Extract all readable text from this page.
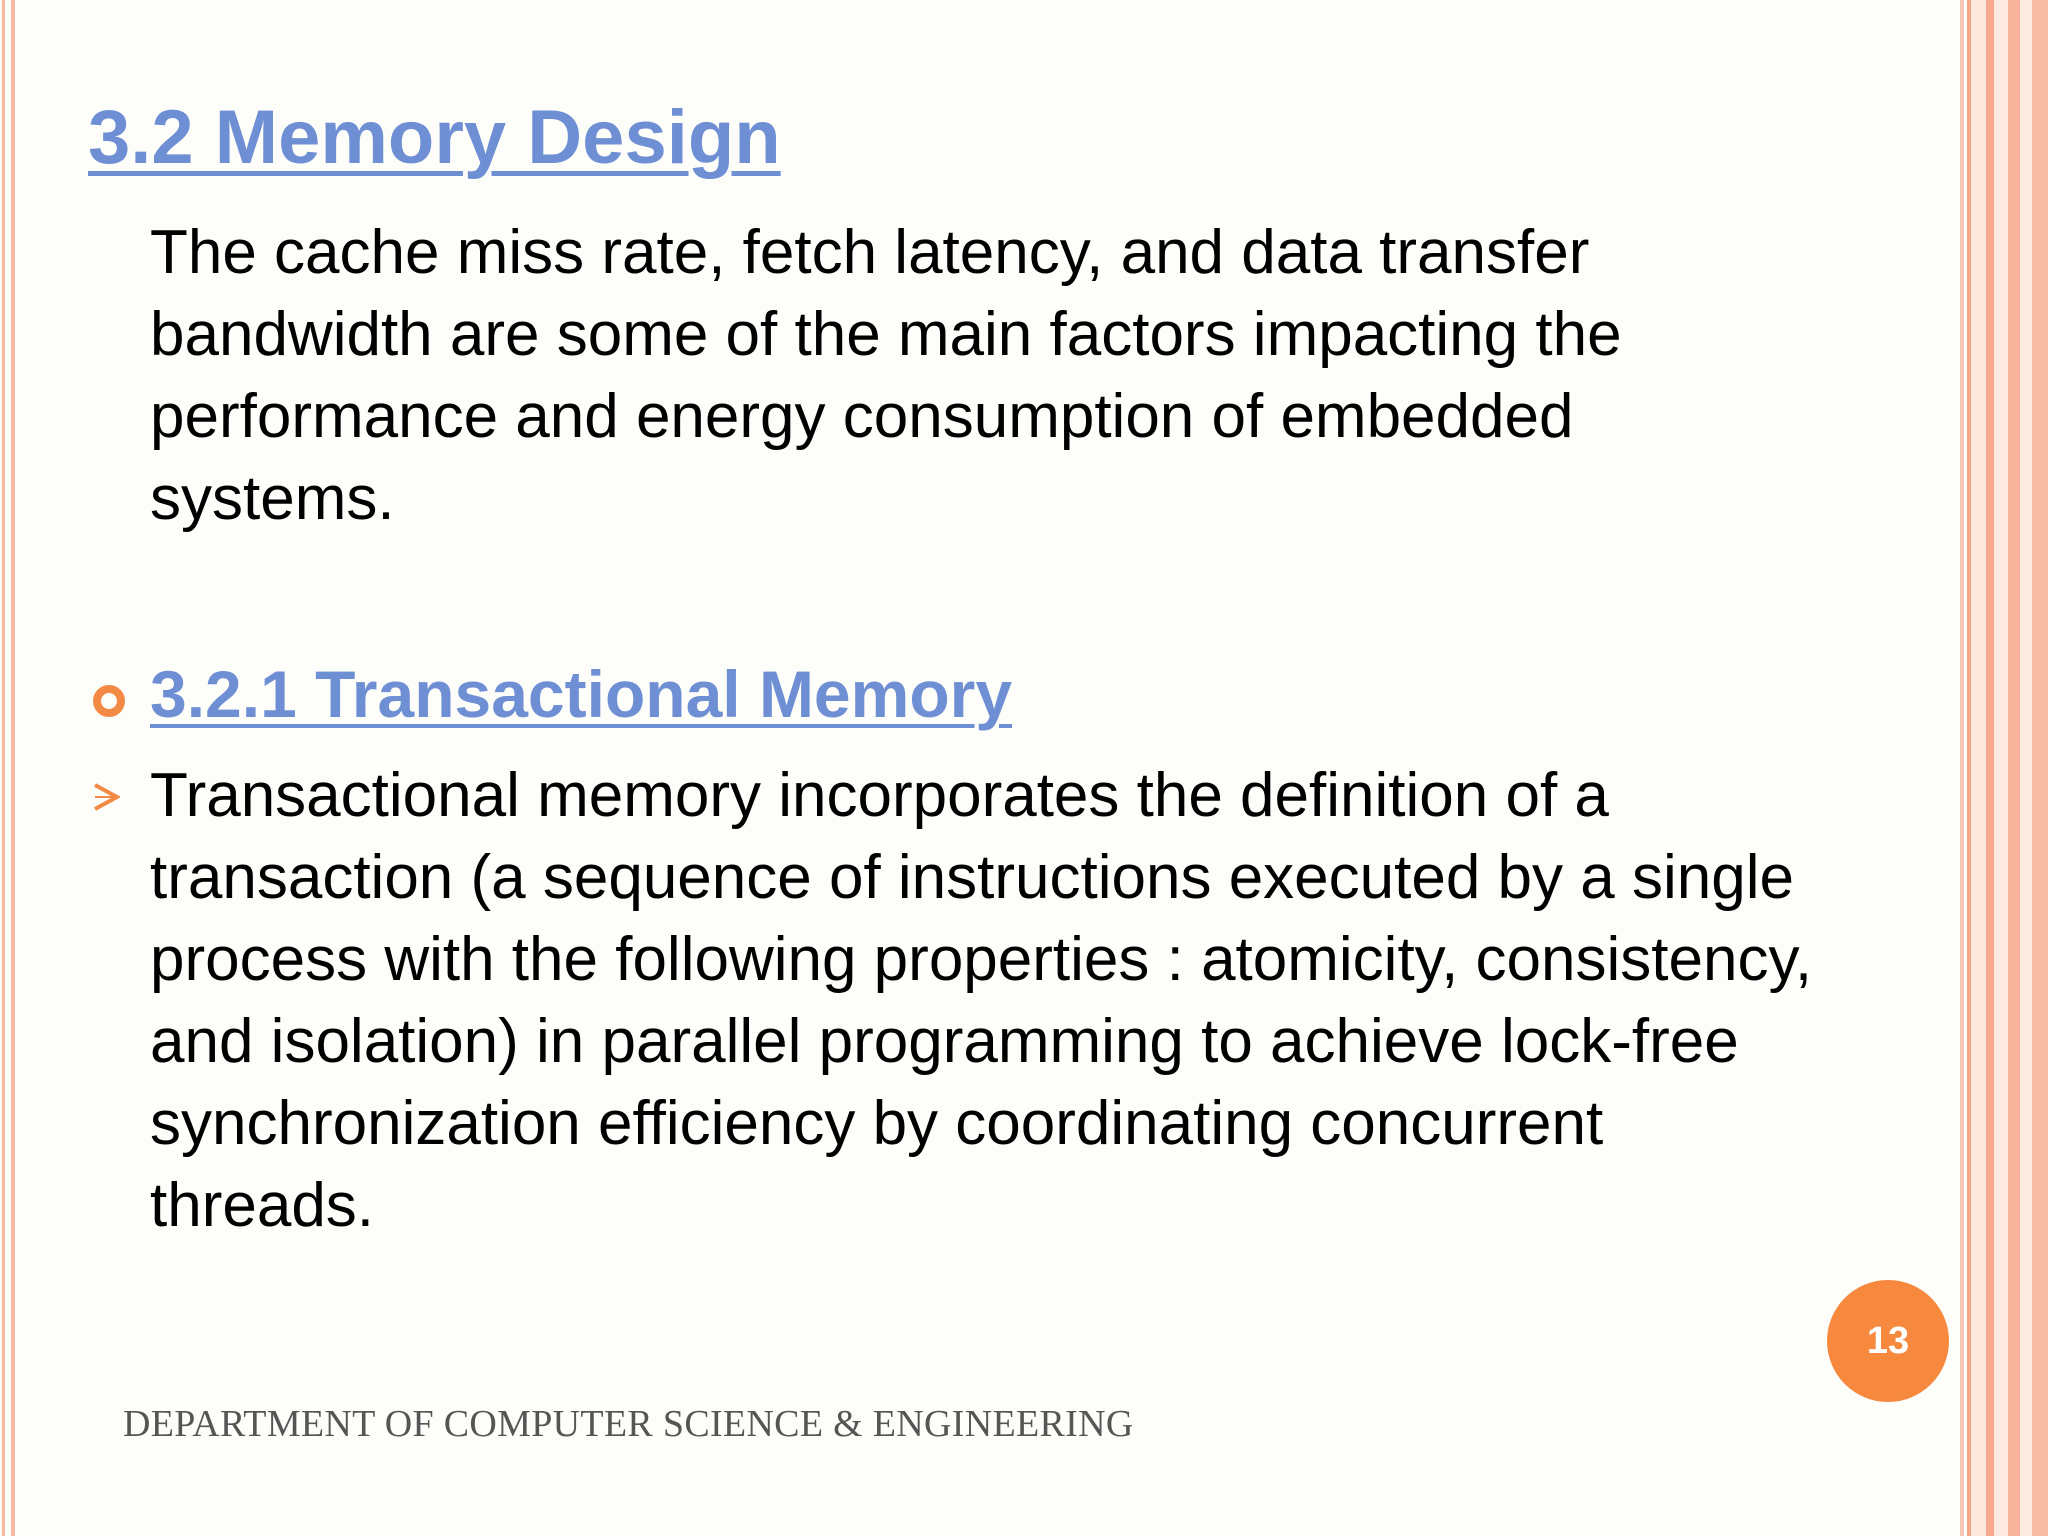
3.2 Memory Design

The cache miss rate, fetch latency, and data transfer bandwidth are some of the main factors impacting the performance and energy consumption of embedded systems.

3.2.1 Transactional Memory

Transactional memory incorporates the definition of a transaction (a sequence of instructions executed by a single process with the following properties : atomicity, consistency, and isolation) in parallel programming to achieve lock-free synchronization efficiency by coordinating concurrent threads.

13

DEPARTMENT OF COMPUTER SCIENCE & ENGINEERING
